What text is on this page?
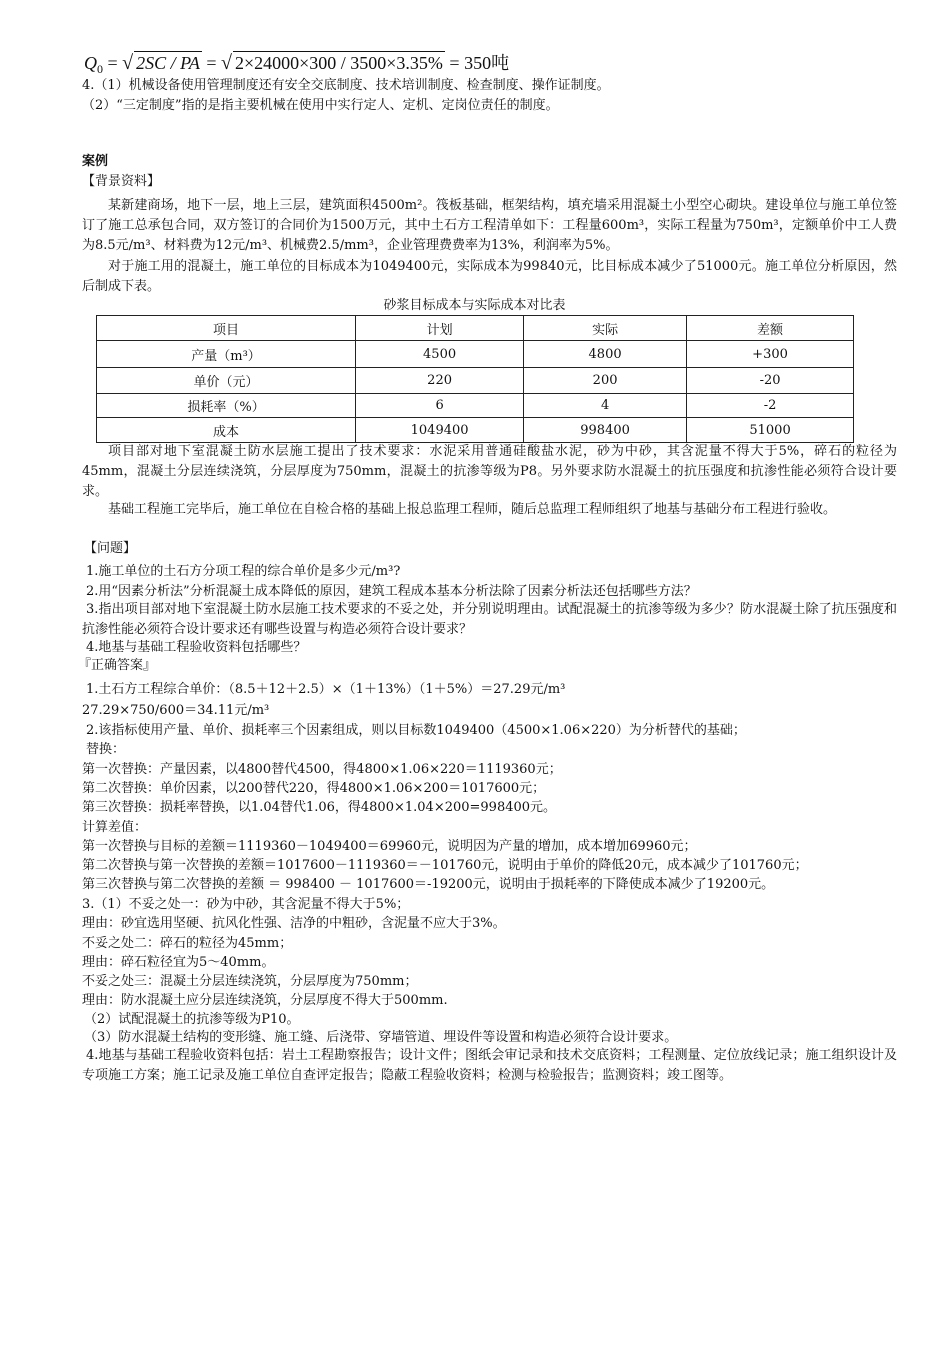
$Q_0$ = √ 2SC / PA = √ 2×24000×300 / 3500×3.35% = 350吨
4.（1）机械设备使用管理制度还有安全交底制度、技术培训制度、检查制度、操作证制度。
（2）“三定制度”指的是指主要机械在使用中实行定人、定机、定岗位责任的制度。
案例
【背景资料】
某新建商场，地下一层，地上三层，建筑面积4500m²。筏板基础，框架结构，填充墙采用混凝土小型空心砌块。建设单位与施工单位签订了施工总承包合同，双方签订的合同价为1500万元，其中土石方工程清单如下：工程量600m³，实际工程量为750m³，定额单价中工人费为8.5元/m³、材料费为12元/m³、机械费2.5/mm³，企业管理费费率为13%，利润率为5%。
对于施工用的混凝土，施工单位的目标成本为1049400元，实际成本为99840元，比目标成本减少了51000元。施工单位分析原因，然后制成下表。
砂浆目标成本与实际成本对比表
项目	计划	实际	差额
产量（m³）	4500	4800	+300
单价（元）	220	200	-20
损耗率（%）	6	4	-2
成本	1049400	998400	51000
项目部对地下室混凝土防水层施工提出了技术要求：水泥采用普通硅酸盐水泥，砂为中砂，其含泥量不得大于5%，碎石的粒径为45mm，混凝土分层连续浇筑，分层厚度为750mm，混凝土的抗渗等级为P8。另外要求防水混凝土的抗压强度和抗渗性能必须符合设计要求。
基础工程施工完毕后，施工单位在自检合格的基础上报总监理工程师，随后总监理工程师组织了地基与基础分布工程进行验收。
【问题】
1.施工单位的土石方分项工程的综合单价是多少元/m³?
2.用“因素分析法”分析混凝土成本降低的原因，建筑工程成本基本分析法除了因素分析法还包括哪些方法？
3.指出项目部对地下室混凝土防水层施工技术要求的不妥之处，并分别说明理由。试配混凝土的抗渗等级为多少？防水混凝土除了抗压强度和抗渗性能必须符合设计要求还有哪些设置与构造必须符合设计要求？
4.地基与基础工程验收资料包括哪些？
『正确答案』
1.土石方工程综合单价：（8.5＋12＋2.5）×（1＋13%）（1＋5%）＝27.29元/m³
27.29×750/600＝34.11元/m³
2.该指标使用产量、单价、损耗率三个因素组成，则以目标数1049400（4500×1.06×220）为分析替代的基础；
替换：
第一次替换：产量因素，以4800替代4500，得4800×1.06×220＝1119360元；
第二次替换：单价因素，以200替代220，得4800×1.06×200＝1017600元；
第三次替换：损耗率替换，以1.04替代1.06，得4800×1.04×200=998400元。
计算差值：
第一次替换与目标的差额＝1119360－1049400＝69960元，说明因为产量的增加，成本增加69960元；
第二次替换与第一次替换的差额＝1017600－1119360＝－101760元，说明由于单价的降低20元，成本减少了101760元；
第三次替换与第二次替换的差额 ＝ 998400 － 1017600＝-19200元，说明由于损耗率的下降使成本减少了19200元。
3.（1）不妥之处一：砂为中砂，其含泥量不得大于5%；
理由：砂宜选用坚硬、抗风化性强、洁净的中粗砂，含泥量不应大于3%。
不妥之处二：碎石的粒径为45mm；
理由：碎石粒径宜为5～40mm。
不妥之处三：混凝土分层连续浇筑，分层厚度为750mm；
理由：防水混凝土应分层连续浇筑，分层厚度不得大于500mm.
（2）试配混凝土的抗渗等级为P10。
（3）防水混凝土结构的变形缝、施工缝、后浇带、穿墙管道、埋设件等设置和构造必须符合设计要求。
4.地基与基础工程验收资料包括：岩土工程勘察报告；设计文件；图纸会审记录和技术交底资料；工程测量、定位放线记录；施工组织设计及专项施工方案；施工记录及施工单位自查评定报告；隐蔽工程验收资料；检测与检验报告；监测资料；竣工图等。
